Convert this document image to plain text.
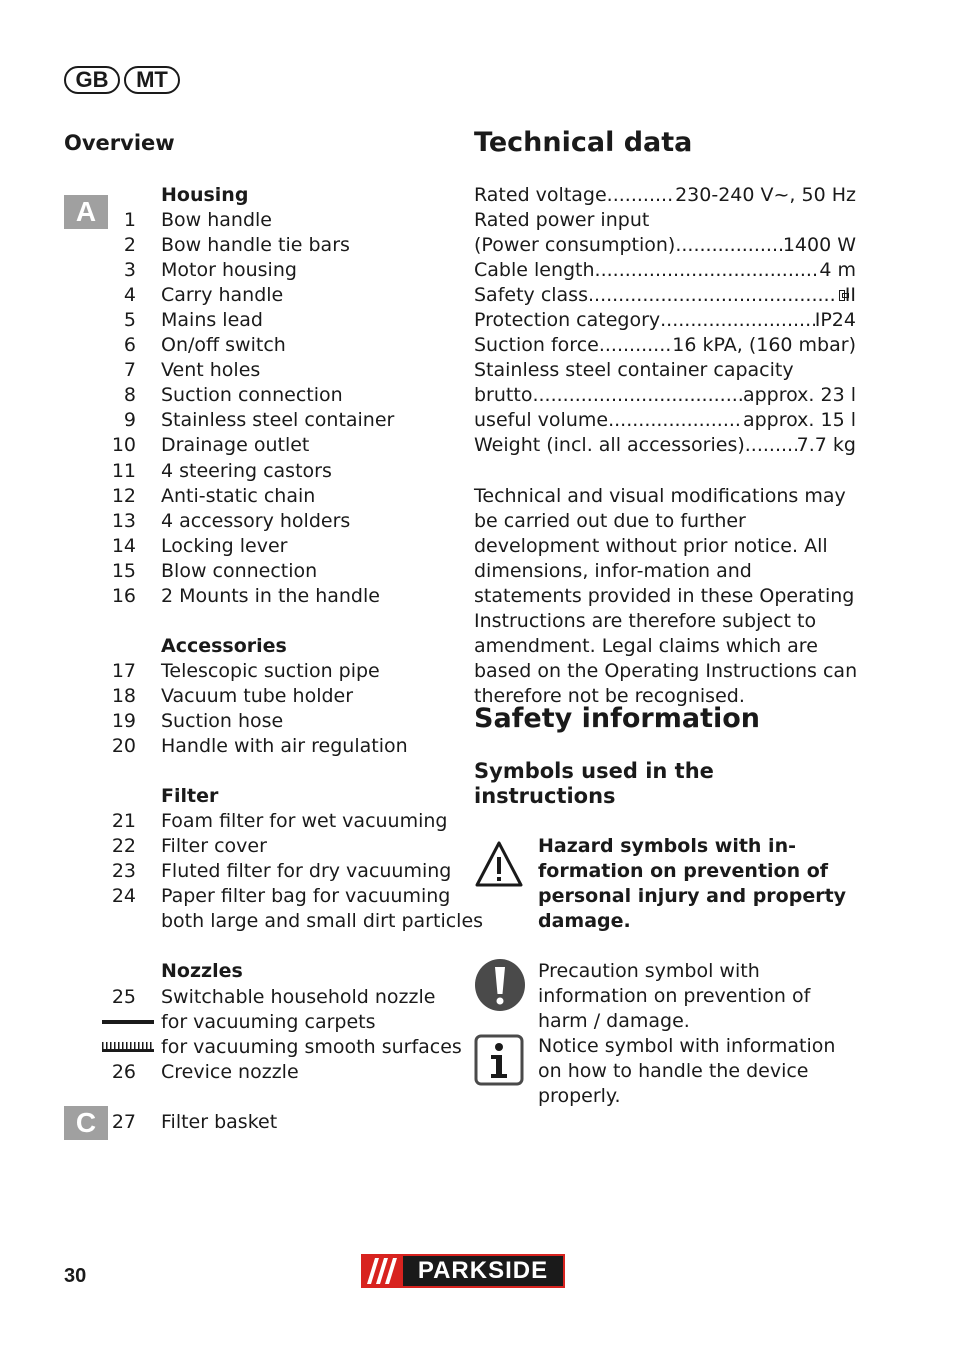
GB	MT
Overview
A
C
Housing
1 Bow handle
2 Bow handle tie bars
3 Motor housing
4 Carry handle
5 Mains lead
6 On/off switch
7 Vent holes
8 Suction connection
9 Stainless steel container
10 Drainage outlet
11 4 steering castors
12 Anti-static chain
13 4 accessory holders
14 Locking lever
15 Blow connection
16 2 Mounts in the handle
Accessories
17 Telescopic suction pipe
18 Vacuum tube holder
19 Suction hose
20 Handle with air regulation
Filter
21 Foam filter for wet vacuuming
22 Filter cover
23 Fluted filter for dry vacuuming
24 Paper filter bag for vacuuming
both large and small dirt particles
Nozzles
25 Switchable household nozzle
for vacuuming carpets
for vacuuming smooth surfaces
26 Crevice nozzle
27 Filter basket
Technical data
Rated voltage .....	230-240 V~, 50 Hz
Rated power input
(Power consumption) .....	1400 W
Cable length .....	4 m
Safety class .....	II
Protection category .....	IP24
Suction force .....	16 kPA, (160 mbar)
Stainless steel container capacity
brutto .....	approx. 23 l
useful volume .....	approx. 15 l
Weight (incl. all accessories) .....	7.7 kg
Technical and visual modifications may be carried out due to further development without prior notice. All dimensions, infor-mation and statements provided in these Operating Instructions are therefore subject to amendment. Legal claims which are based on the Operating Instructions can therefore not be recognised.
Safety information
Symbols used in the instructions
Hazard symbols with in-formation on prevention of personal injury and property damage.
Precaution symbol with information on prevention of harm / damage.
Notice symbol with information on how to handle the device properly.
30	PARKSIDE
